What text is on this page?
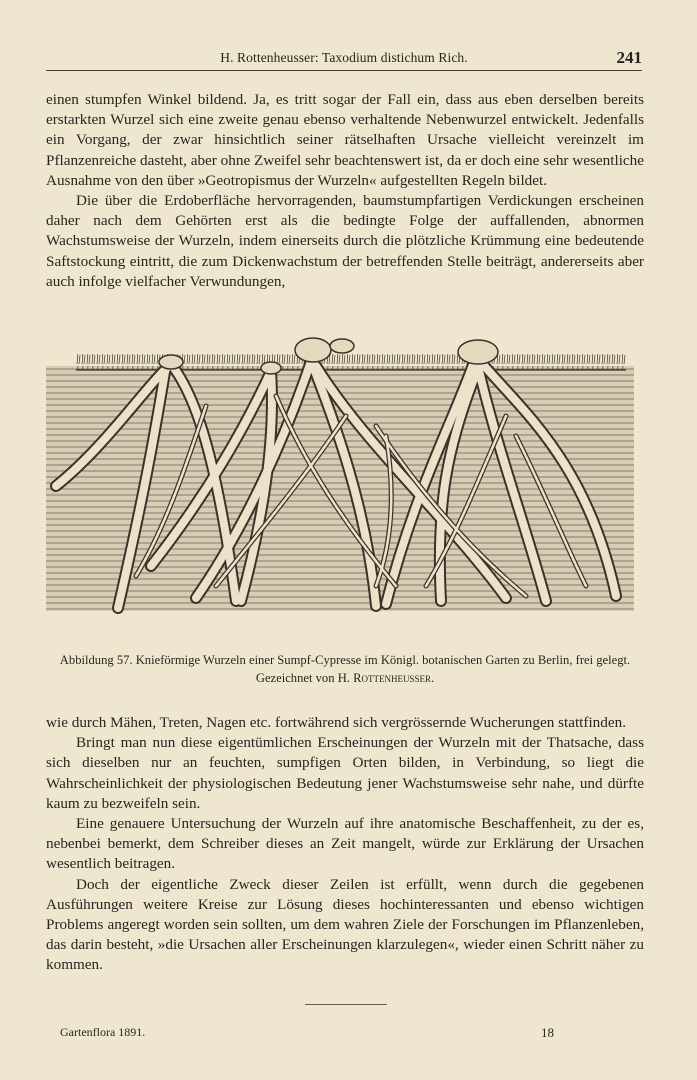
H. Rottenheusser: Taxodium distichum Rich.	241

einen stumpfen Winkel bildend. Ja, es tritt sogar der Fall ein, dass aus eben derselben bereits erstarkten Wurzel sich eine zweite genau ebenso verhaltende Nebenwurzel entwickelt. Jedenfalls ein Vorgang, der zwar hinsichtlich seiner rätselhaften Ursache vielleicht vereinzelt im Pflanzenreiche dasteht, aber ohne Zweifel sehr beachtenswert ist, da er doch eine sehr wesentliche Ausnahme von den über »Geotropismus der Wurzeln« aufgestellten Regeln bildet.

Die über die Erdoberfläche hervorragenden, baumstumpfartigen Verdickungen erscheinen daher nach dem Gehörten erst als die bedingte Folge der auffallenden, abnormen Wachstumsweise der Wurzeln, indem einerseits durch die plötzliche Krümmung eine bedeutende Saftstockung eintritt, die zum Dickenwachstum der betreffenden Stelle beiträgt, andererseits aber auch infolge vielfacher Verwundungen,

Abbildung 57. Knieförmige Wurzeln einer Sumpf-Cypresse im Königl. botanischen Garten zu Berlin, frei gelegt. Gezeichnet von H. Rottenheusser.

wie durch Mähen, Treten, Nagen etc. fortwährend sich vergrössernde Wucherungen stattfinden.

Bringt man nun diese eigentümlichen Erscheinungen der Wurzeln mit der Thatsache, dass sich dieselben nur an feuchten, sumpfigen Orten bilden, in Verbindung, so liegt die Wahrscheinlichkeit der physiologischen Bedeutung jener Wachstumsweise sehr nahe, und dürfte kaum zu bezweifeln sein.

Eine genauere Untersuchung der Wurzeln auf ihre anatomische Beschaffenheit, zu der es, nebenbei bemerkt, dem Schreiber dieses an Zeit mangelt, würde zur Erklärung der Ursachen wesentlich beitragen.

Doch der eigentliche Zweck dieser Zeilen ist erfüllt, wenn durch die gegebenen Ausführungen weitere Kreise zur Lösung dieses hochinteressanten und ebenso wichtigen Problems angeregt worden sein sollten, um dem wahren Ziele der Forschungen im Pflanzenleben, das darin besteht, »die Ursachen aller Erscheinungen klarzulegen«, wieder einen Schritt näher zu kommen.

Gartenflora 1891.	18
